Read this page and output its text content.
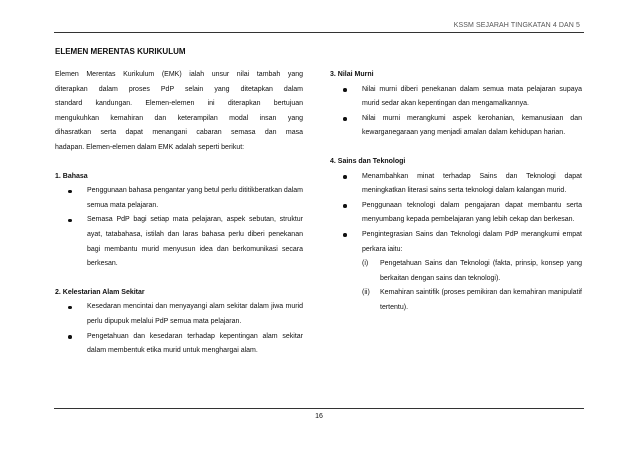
KSSM SEJARAH TINGKATAN 4 DAN 5
ELEMEN MERENTAS KURIKULUM

Elemen Merentas Kurikulum (EMK) ialah unsur nilai tambah yang
diterapkan dalam proses PdP selain yang ditetapkan dalam
standard kandungan. Elemen-elemen ini diterapkan bertujuan
mengukuhkan kemahiran dan keterampilan modal insan yang
dihasratkan serta dapat menangani cabaran semasa dan masa
hadapan. Elemen-elemen dalam EMK adalah seperti berikut:

1. Bahasa

Penggunaan bahasa pengantar yang betul perlu dititikberatkan dalam semua mata pelajaran.
Semasa PdP bagi setiap mata pelajaran, aspek sebutan, struktur ayat, tatabahasa, istilah dan laras bahasa perlu diberi penekanan bagi membantu murid menyusun idea dan berkomunikasi secara berkesan.

2. Kelestarian Alam Sekitar

Kesedaran mencintai dan menyayangi alam sekitar dalam jiwa murid perlu dipupuk melalui PdP semua mata pelajaran.
Pengetahuan dan kesedaran terhadap kepentingan alam sekitar dalam membentuk etika murid untuk menghargai alam.

3. Nilai Murni

Nilai murni diberi penekanan dalam semua mata pelajaran supaya murid sedar akan kepentingan dan mengamalkannya.
Nilai murni merangkumi aspek kerohanian, kemanusiaan dan kewarganegaraan yang menjadi amalan dalam kehidupan harian.

4. Sains dan Teknologi

Menambahkan minat terhadap Sains dan Teknologi dapat meningkatkan literasi sains serta teknologi dalam kalangan murid.
Penggunaan teknologi dalam pengajaran dapat membantu serta menyumbang kepada pembelajaran yang lebih cekap dan berkesan.
Pengintegrasian Sains dan Teknologi dalam PdP merangkumi empat perkara iaitu:
(i) Pengetahuan Sains dan Teknologi (fakta, prinsip, konsep yang berkaitan dengan sains dan teknologi).
(ii) Kemahiran saintifik (proses pemikiran dan kemahiran manipulatif tertentu).
16
